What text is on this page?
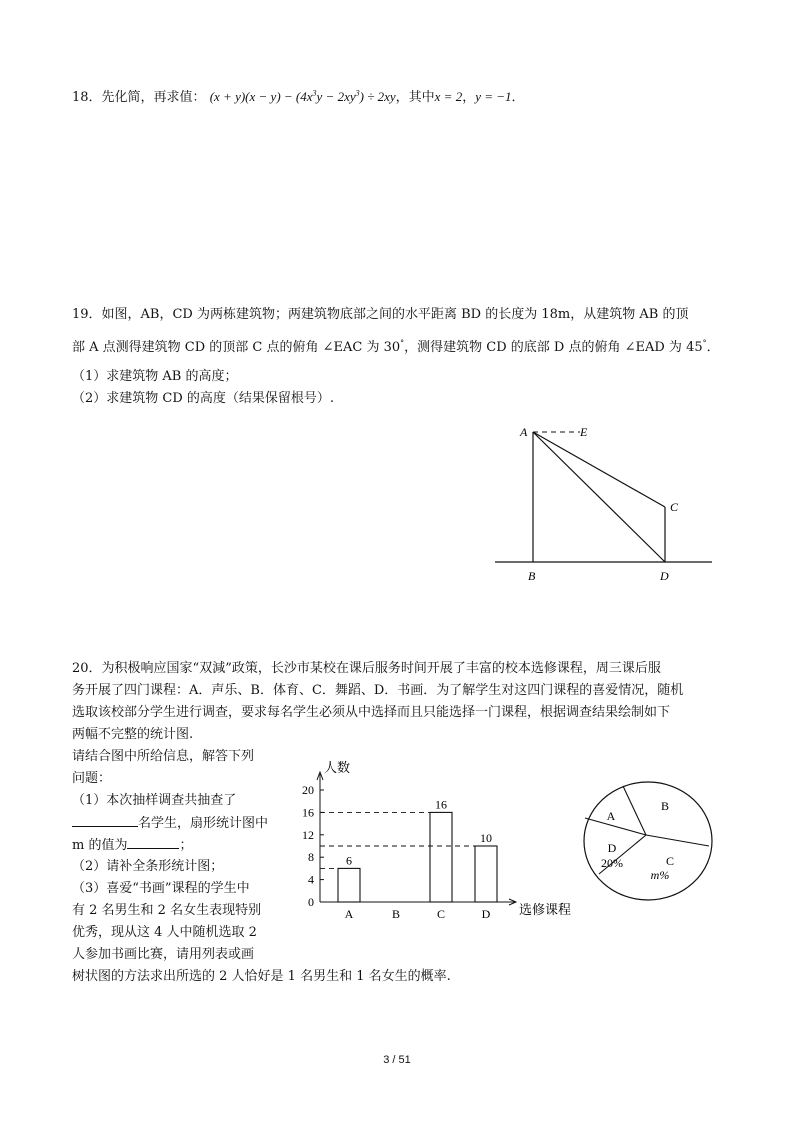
18．先化简，再求值： $(x + y)(x - y) - (4x^3y - 2xy^3) \div 2xy$，其中x = 2，y = −1．
19．如图，AB，CD 为两栋建筑物；两建筑物底部之间的水平距离 BD 的长度为 18m，从建筑物 AB 的顶
部 A 点测得建筑物 CD 的顶部 C 点的俯角 ∠EAC 为 30°，测得建筑物 CD 的底部 D 点的俯角 ∠EAD 为 45°．
（1）求建筑物 AB 的高度；
（2）求建筑物 CD 的高度（结果保留根号）.
A	E
C
B	D
20．为积极响应国家“双減”政策，长沙市某校在课后服务时间开展了丰富的校本选修课程，周三课后服
务开展了四门课程：A．声乐、B．体育、C．舞蹈、D．书画．为了解学生对这四门课程的喜爱情况，随机
选取该校部分学生进行调查，要求每名学生必须从中选择而且只能选择一门课程，根据调查结果绘制如下
两幅不完整的统计图.
请结合图中所给信息，解答下列
问题：
（1）本次抽样调查共抽查了
名学生，扇形统计图中
m 的值为	；
（2）请补全条形统计图；
（3）喜爱“书画”课程的学生中
有 2 名男生和 2 名女生表现特别
优秀，现从这 4 人中随机选取 2
人参加书画比赛，请用列表或画
树状图的方法求出所选的 2 人恰好是 1 名男生和 1 名女生的概率.
0
4
8
12
16
20
人数
选修课程
A
6
B	C
16
D
10
A
B
C
m%
D
20%
3 / 51
